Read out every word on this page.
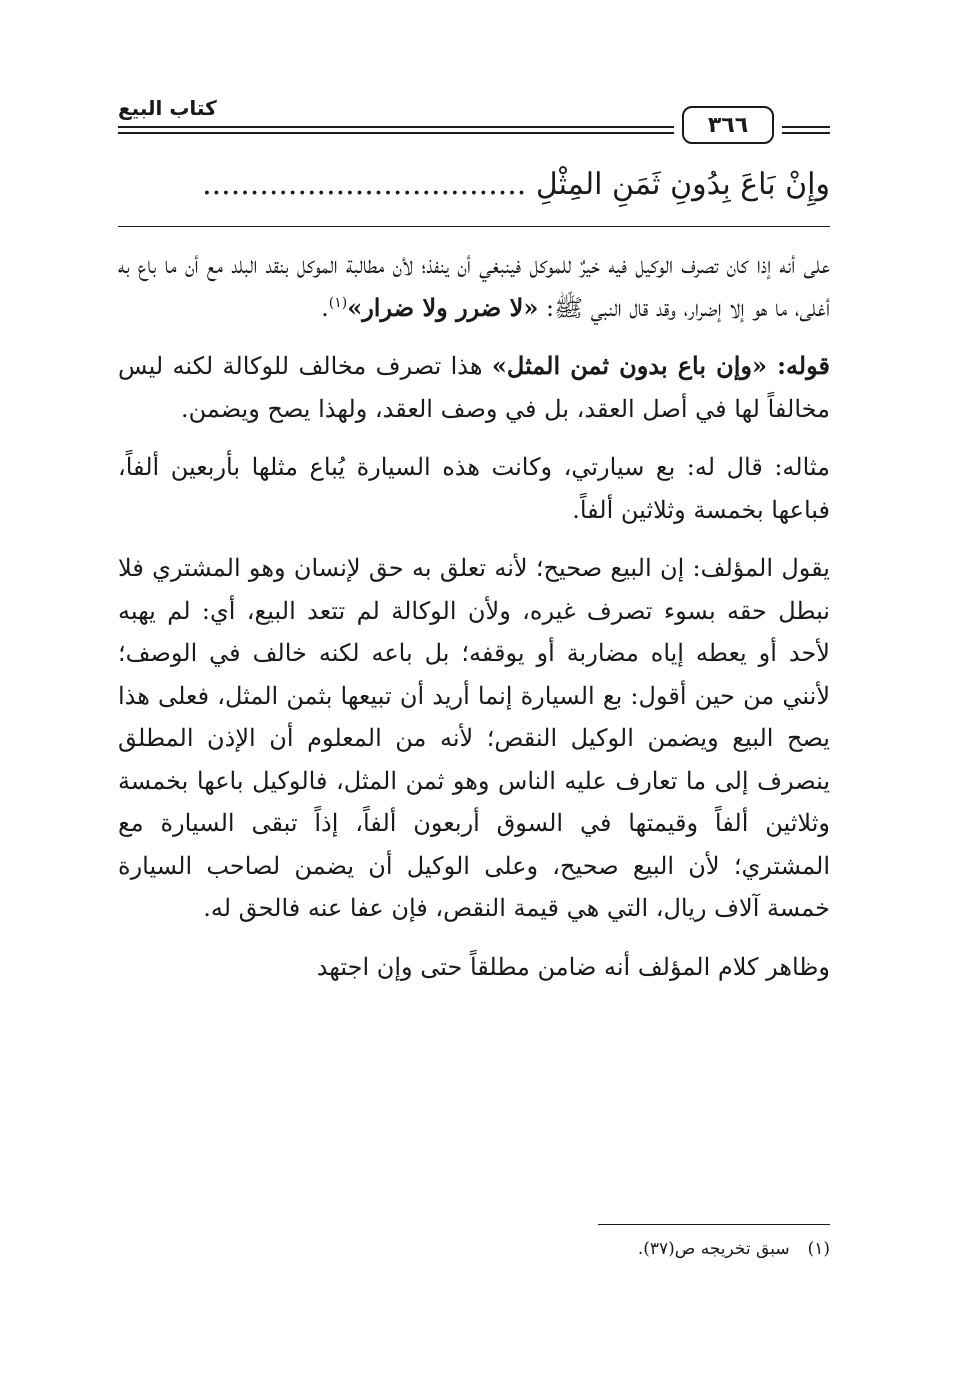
٣٦٦
كتاب البيع
وإِنْ بَاعَ بِدُونِ ثَمَنِ المِثْلِ ..................................

على أنه إذا كان تصرف الوكيل فيه خيرٌ للموكل فينبغي أن ينفذ؛ لأن مطالبة الموكل بنقد البلد مع أن ما باع به أغلى، ما هو إلا إضرار، وقد قال النبي ﷺ: «لا ضرر ولا ضرار»$^{(١)}$.

قوله: «وإن باع بدون ثمن المثل» هذا تصرف مخالف للوكالة لكنه ليس مخالفاً لها في أصل العقد، بل في وصف العقد، ولهذا يصح ويضمن.

مثاله: قال له: بع سيارتي، وكانت هذه السيارة يُباع مثلها بأربعين ألفاً، فباعها بخمسة وثلاثين ألفاً.

يقول المؤلف: إن البيع صحيح؛ لأنه تعلق به حق لإنسان وهو المشتري فلا نبطل حقه بسوء تصرف غيره، ولأن الوكالة لم تتعد البيع، أي: لم يهبه لأحد أو يعطه إياه مضاربة أو يوقفه؛ بل باعه لكنه خالف في الوصف؛ لأنني من حين أقول: بع السيارة إنما أريد أن تبيعها بثمن المثل، فعلى هذا يصح البيع ويضمن الوكيل النقص؛ لأنه من المعلوم أن الإذن المطلق ينصرف إلى ما تعارف عليه الناس وهو ثمن المثل، فالوكيل باعها بخمسة وثلاثين ألفاً وقيمتها في السوق أربعون ألفاً، إذاً تبقى السيارة مع المشتري؛ لأن البيع صحيح، وعلى الوكيل أن يضمن لصاحب السيارة خمسة آلاف ريال، التي هي قيمة النقص، فإن عفا عنه فالحق له.

وظاهر كلام المؤلف أنه ضامن مطلقاً حتى وإن اجتهد

(١)سبق تخريجه ص(٣٧).
